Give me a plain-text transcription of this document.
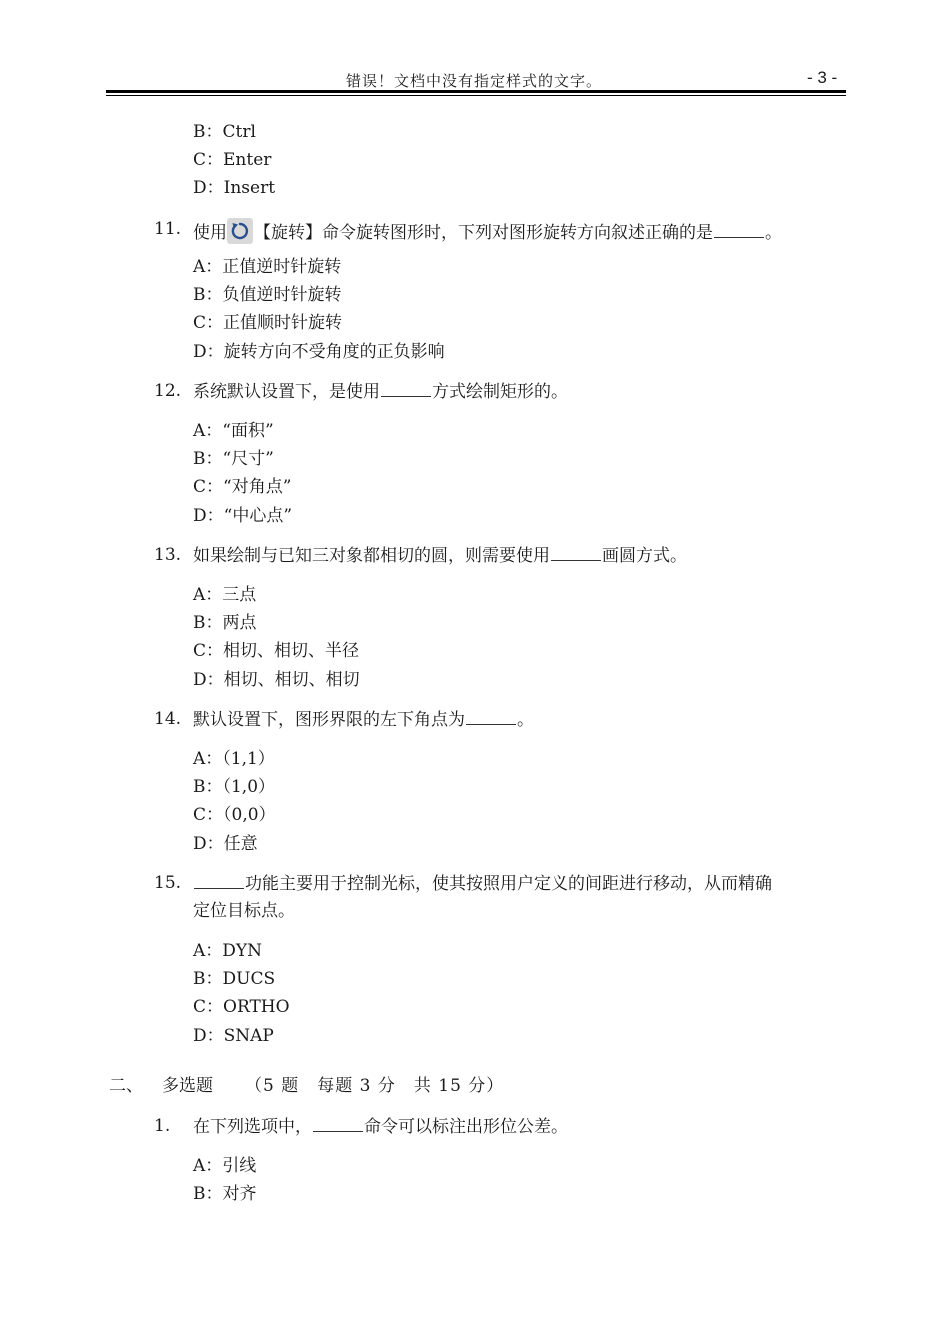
错误！文档中没有指定样式的文字。	- 3 -
B：Ctrl
C：Enter
D：Insert
11. 使用 【旋转】命令旋转图形时，下列对图形旋转方向叙述正确的是	。
A：正值逆时针旋转
B：负值逆时针旋转
C：正值顺时针旋转
D：旋转方向不受角度的正负影响
12. 系统默认设置下，是使用	方式绘制矩形的。
A：“面积”
B：“尺寸”
C：“对角点”
D：“中心点”
13. 如果绘制与已知三对象都相切的圆，则需要使用	画圆方式。
A：三点
B：两点
C：相切、相切、半径
D：相切、相切、相切
14. 默认设置下，图形界限的左下角点为	。
A：（1,1）
B：（1,0）
C：（0,0）
D：任意
15.	功能主要用于控制光标，使其按照用户定义的间距进行移动，从而精确
定位目标点。
A：DYN
B：DUCS
C：ORTHO
D：SNAP
二、 多选题 （5 题　每题 3 分　共 15 分）
1. 在下列选项中，	命令可以标注出形位公差。
A：引线
B：对齐
